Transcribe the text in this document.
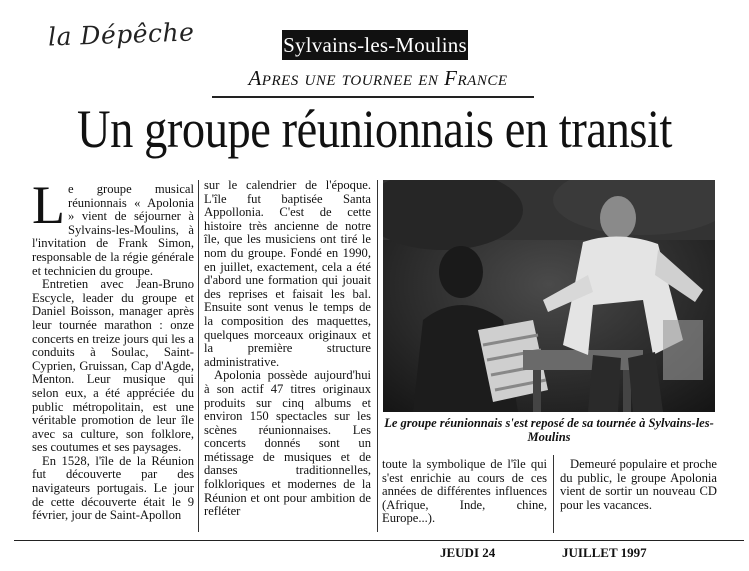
la Dépêche	Sylvains-les-Moulins
Apres une tournee en France
Un groupe réunionnais en transit

Le groupe musical réunionnais « Apolonia » vient de séjourner à Sylvains-les-Moulins, à l'invitation de Frank Simon, responsable de la régie générale et technicien du groupe.

Entretien avec Jean-Bruno Escycle, leader du groupe et Daniel Boisson, manager après leur tournée marathon : onze concerts en treize jours qui les a conduits à Soulac, Saint-Cyprien, Gruissan, Cap d'Agde, Menton. Leur musique qui selon eux, a été appréciée du public métropolitain, est une véritable promotion de leur île avec sa culture, son folklore, ses coutumes et ses paysages.

En 1528, l'île de la Réunion fut découverte par des navigateurs portugais. Le jour de cette découverte était le 9 février, jour de Saint-Apollon

sur le calendrier de l'époque. L'île fut baptisée Santa Appollonia. C'est de cette histoire très ancienne de notre île, que les musiciens ont tiré le nom du groupe. Fondé en 1990, en juillet, exactement, cela a été d'abord une formation qui jouait des reprises et faisait les bal. Ensuite sont venus le temps de la composition des maquettes, quelques morceaux originaux et la première structure administrative.

Apolonia possède aujourd'hui à son actif 47 titres originaux produits sur cinq albums et environ 150 spectacles sur les scènes réunionnaises. Les concerts donnés sont un métissage de musiques et de danses traditionnelles, folkloriques et modernes de la Réunion et ont pour ambition de refléter

Le groupe réunionnais s'est reposé de sa tournée à Sylvains-les-Moulins

toute la symbolique de l'île qui s'est enrichie au cours de ces années de différentes influences (Afrique, Inde, chine, Europe...).

Demeuré populaire et proche du public, le groupe Apolonia vient de sortir un nouveau CD pour les vacances.

JEUDI 24	JUILLET 1997
